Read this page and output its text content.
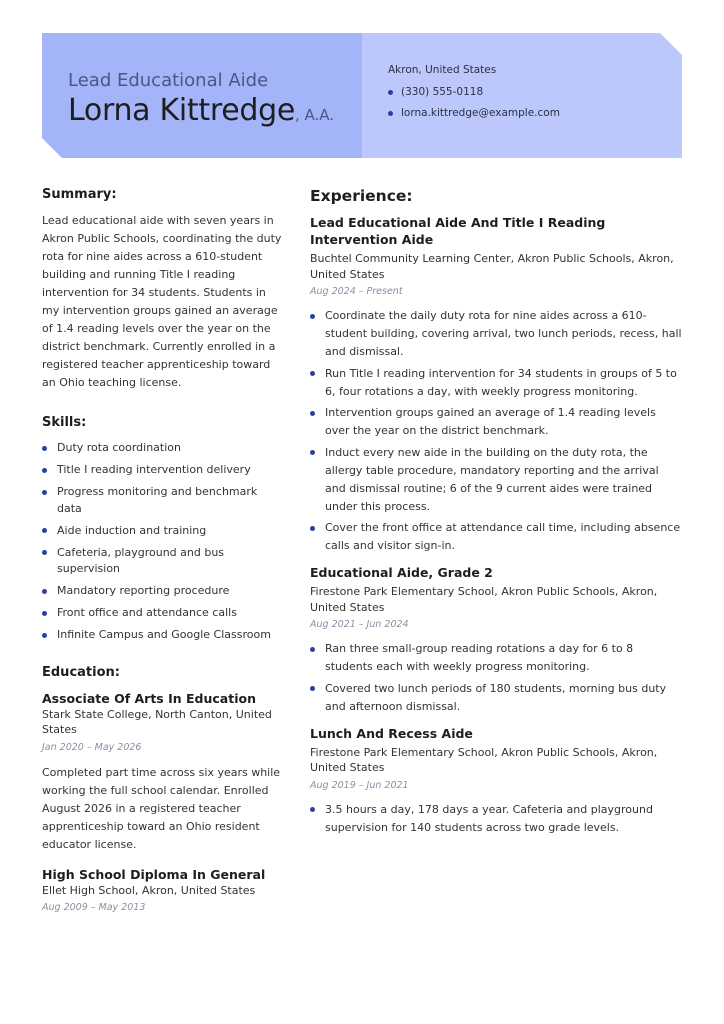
Lead Educational Aide
Lorna Kittredge, A.A.
Akron, United States
(330) 555-0118
lorna.kittredge@example.com
Summary:
Lead educational aide with seven years in Akron Public Schools, coordinating the duty rota for nine aides across a 610-student building and running Title I reading intervention for 34 students. Students in my intervention groups gained an average of 1.4 reading levels over the year on the district benchmark. Currently enrolled in a registered teacher apprenticeship toward an Ohio teaching license.
Skills:
Duty rota coordination
Title I reading intervention delivery
Progress monitoring and benchmark data
Aide induction and training
Cafeteria, playground and bus supervision
Mandatory reporting procedure
Front office and attendance calls
Infinite Campus and Google Classroom
Education:
Associate Of Arts In Education
Stark State College, North Canton, United States
Jan 2020 – May 2026
Completed part time across six years while working the full school calendar. Enrolled August 2026 in a registered teacher apprenticeship toward an Ohio resident educator license.
High School Diploma In General
Ellet High School, Akron, United States
Aug 2009 – May 2013
Experience:
Lead Educational Aide And Title I Reading Intervention Aide
Buchtel Community Learning Center, Akron Public Schools, Akron, United States
Aug 2024 – Present
Coordinate the daily duty rota for nine aides across a 610-student building, covering arrival, two lunch periods, recess, hall and dismissal.
Run Title I reading intervention for 34 students in groups of 5 to 6, four rotations a day, with weekly progress monitoring.
Intervention groups gained an average of 1.4 reading levels over the year on the district benchmark.
Induct every new aide in the building on the duty rota, the allergy table procedure, mandatory reporting and the arrival and dismissal routine; 6 of the 9 current aides were trained under this process.
Cover the front office at attendance call time, including absence calls and visitor sign-in.
Educational Aide, Grade 2
Firestone Park Elementary School, Akron Public Schools, Akron, United States
Aug 2021 – Jun 2024
Ran three small-group reading rotations a day for 6 to 8 students each with weekly progress monitoring.
Covered two lunch periods of 180 students, morning bus duty and afternoon dismissal.
Lunch And Recess Aide
Firestone Park Elementary School, Akron Public Schools, Akron, United States
Aug 2019 – Jun 2021
3.5 hours a day, 178 days a year. Cafeteria and playground supervision for 140 students across two grade levels.
